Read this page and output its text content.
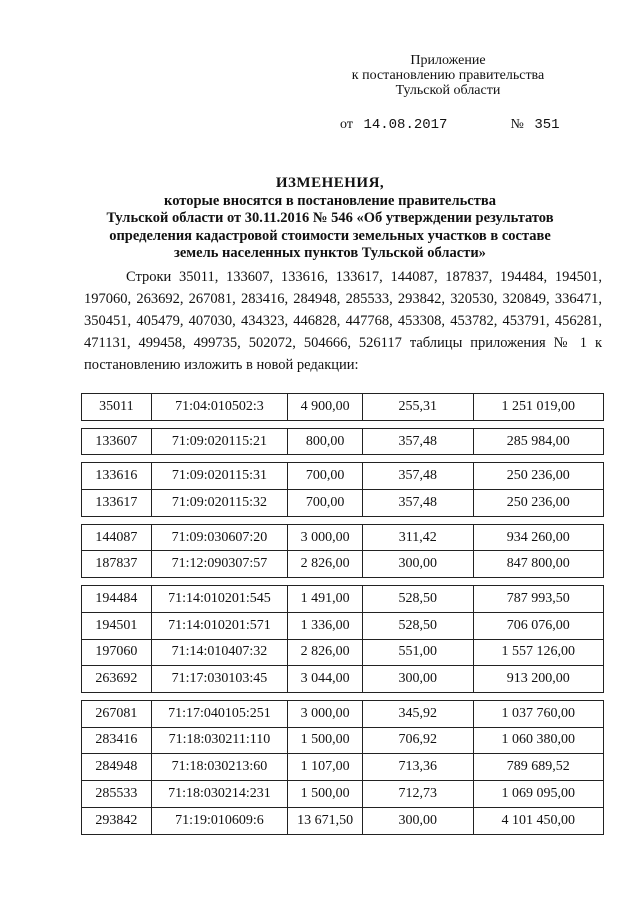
Приложение
к постановлению правительства
Тульской области
от 14.08.2017	№ 351
ИЗМЕНЕНИЯ,
которые вносятся в постановление правительства
Тульской области от 30.11.2016 № 546 «Об утверждении результатов
определения кадастровой стоимости земельных участков в составе
земель населенных пунктов Тульской области»
Строки 35011, 133607, 133616, 133617, 144087, 187837, 194484, 194501, 197060, 263692, 267081, 283416, 284948, 285533, 293842, 320530, 320849, 336471, 350451, 405479, 407030, 434323, 446828, 447768, 453308, 453782, 453791, 456281, 471131, 499458, 499735, 502072, 504666, 526117 таблицы приложения № 1 к постановлению изложить в новой редакции:
35011	71:04:010502:3	4 900,00	255,31	1 251 019,00
133607	71:09:020115:21	800,00	357,48	285 984,00
133616	71:09:020115:31	700,00	357,48	250 236,00
133617	71:09:020115:32	700,00	357,48	250 236,00
144087	71:09:030607:20	3 000,00	311,42	934 260,00
187837	71:12:090307:57	2 826,00	300,00	847 800,00
194484	71:14:010201:545	1 491,00	528,50	787 993,50
194501	71:14:010201:571	1 336,00	528,50	706 076,00
197060	71:14:010407:32	2 826,00	551,00	1 557 126,00
263692	71:17:030103:45	3 044,00	300,00	913 200,00
267081	71:17:040105:251	3 000,00	345,92	1 037 760,00
283416	71:18:030211:110	1 500,00	706,92	1 060 380,00
284948	71:18:030213:60	1 107,00	713,36	789 689,52
285533	71:18:030214:231	1 500,00	712,73	1 069 095,00
293842	71:19:010609:6	13 671,50	300,00	4 101 450,00
